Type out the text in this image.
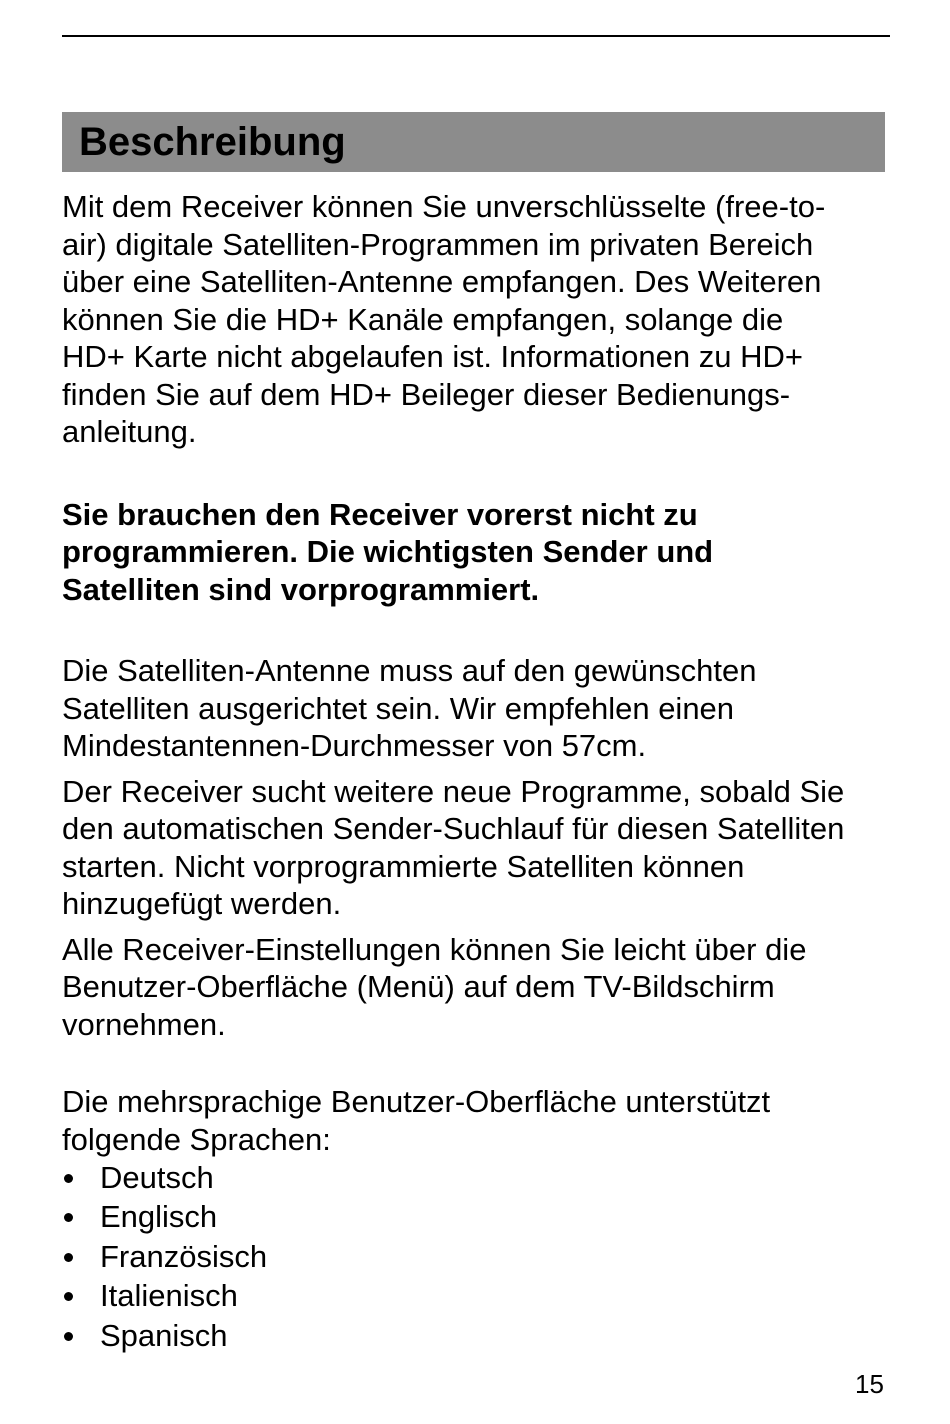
Beschreibung

Mit dem Receiver können Sie unverschlüsselte (free-to-
air) digitale Satelliten-Programmen im privaten Bereich
über eine Satelliten-Antenne empfangen. Des Weiteren
können Sie die HD+ Kanäle empfangen, solange die
HD+ Karte nicht abgelaufen ist. Informationen zu HD+
finden Sie auf dem HD+ Beileger dieser Bedienungs-
anleitung.

Sie brauchen den Receiver vorerst nicht zu
programmieren. Die wichtigsten Sender und
Satelliten sind vorprogrammiert.

Die Satelliten-Antenne muss auf den gewünschten
Satelliten ausgerichtet sein. Wir empfehlen einen
Mindestantennen-Durchmesser von 57cm.

Der Receiver sucht weitere neue Programme, sobald Sie
den automatischen Sender-Suchlauf für diesen Satelliten
starten. Nicht vorprogrammierte Satelliten können
hinzugefügt werden.

Alle Receiver-Einstellungen können Sie leicht über die
Benutzer-Oberfläche (Menü) auf dem TV-Bildschirm
vornehmen.

Die mehrsprachige Benutzer-Oberfläche unterstützt
folgende Sprachen:

Deutsch
Englisch
Französisch
Italienisch
Spanisch
15
